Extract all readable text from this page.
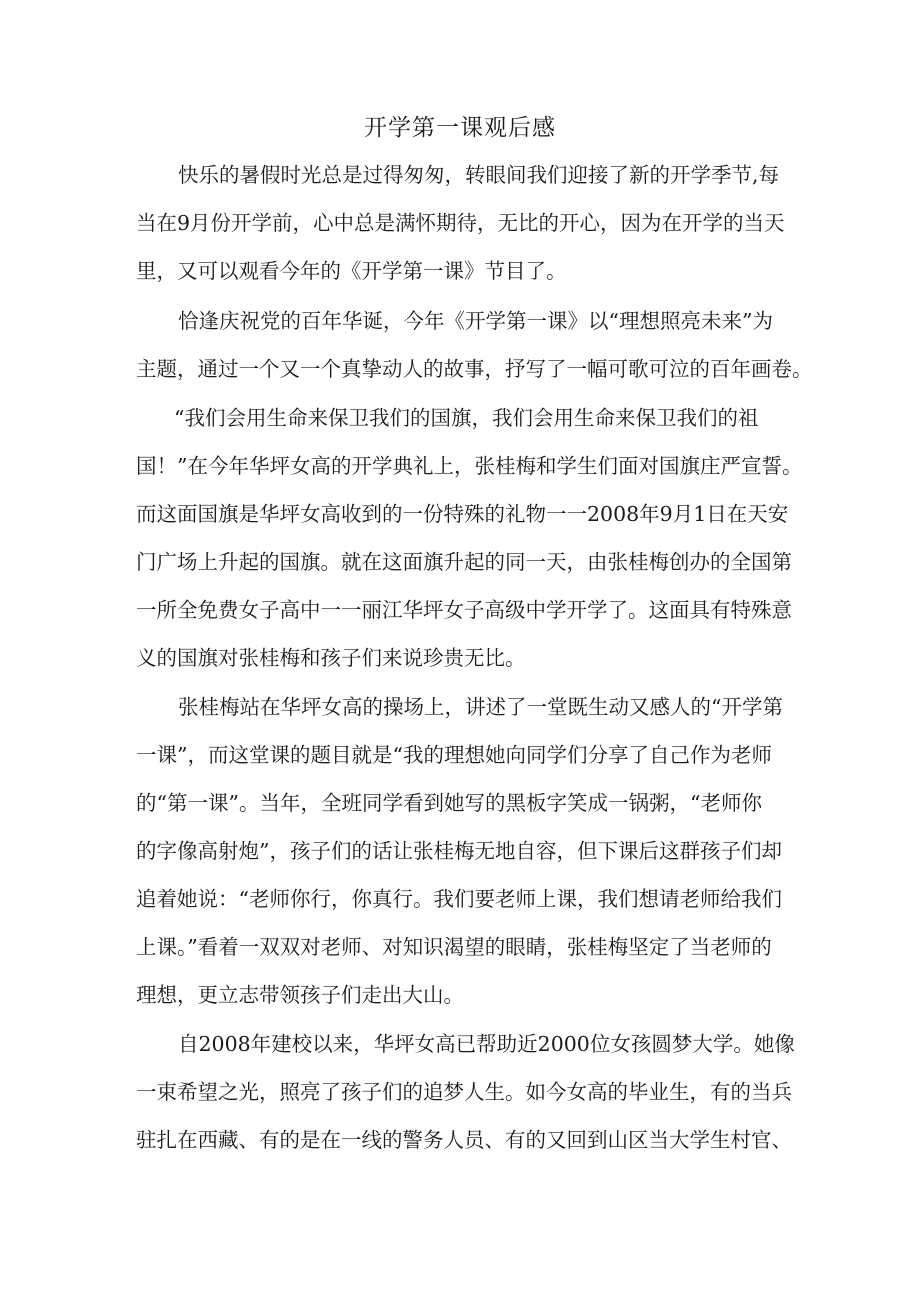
开学第一课观后感
快乐的暑假时光总是过得匆匆，转眼间我们迎接了新的开学季节,每
当在9月份开学前，心中总是满怀期待，无比的开心，因为在开学的当天
里，又可以观看今年的《开学第一课》节目了。
恰逢庆祝党的百年华诞，今年《开学第一课》以“理想照亮未来”为
主题，通过一个又一个真挚动人的故事，抒写了一幅可歌可泣的百年画卷。
“我们会用生命来保卫我们的国旗，我们会用生命来保卫我们的祖
国！”在今年华坪女高的开学典礼上，张桂梅和学生们面对国旗庄严宣誓。
而这面国旗是华坪女高收到的一份特殊的礼物一一2008年9月1日在天安
门广场上升起的国旗。就在这面旗升起的同一天，由张桂梅创办的全国第
一所全免费女子高中一一丽江华坪女子高级中学开学了。这面具有特殊意
义的国旗对张桂梅和孩子们来说珍贵无比。
张桂梅站在华坪女高的操场上，讲述了一堂既生动又感人的“开学第
一课”，而这堂课的题目就是“我的理想她向同学们分享了自己作为老师
的“第一课”。当年，全班同学看到她写的黑板字笑成一锅粥，“老师你
的字像高射炮”，孩子们的话让张桂梅无地自容，但下课后这群孩子们却
追着她说：“老师你行，你真行。我们要老师上课，我们想请老师给我们
上课。”看着一双双对老师、对知识渴望的眼睛，张桂梅坚定了当老师的
理想，更立志带领孩子们走出大山。
自2008年建校以来，华坪女高已帮助近2000位女孩圆梦大学。她像
一束希望之光，照亮了孩子们的追梦人生。如今女高的毕业生，有的当兵
驻扎在西藏、有的是在一线的警务人员、有的又回到山区当大学生村官、
